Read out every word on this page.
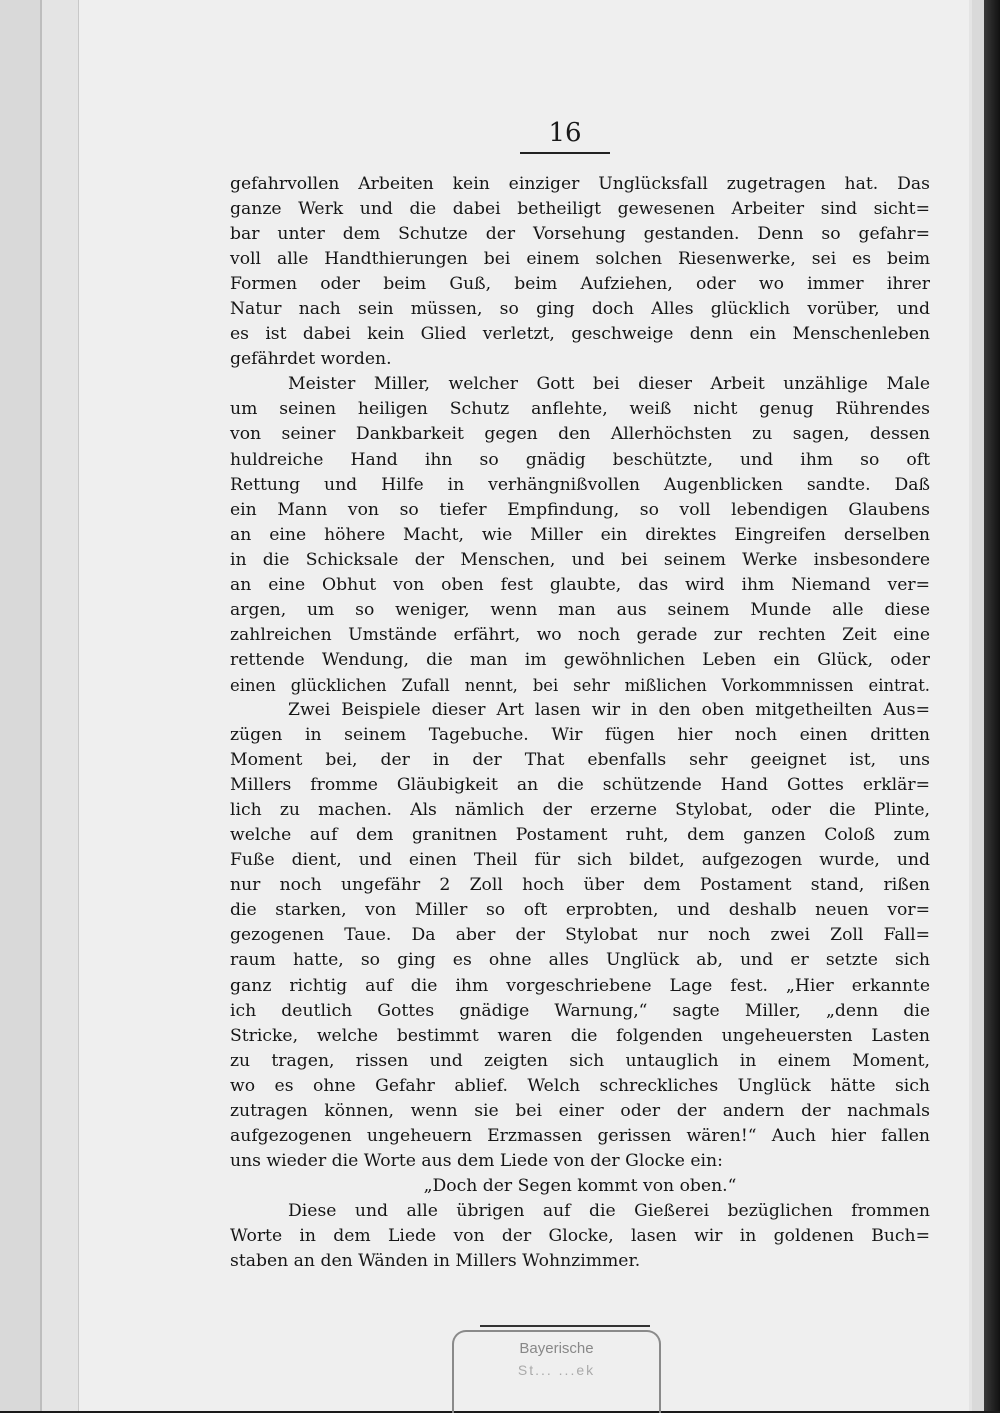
16
gefahrvollen Arbeiten kein einziger Unglücksfall zugetragen hat. Das
ganze Werk und die dabei betheiligt gewesenen Arbeiter sind sicht=
bar unter dem Schutze der Vorsehung gestanden. Denn so gefahr=
voll alle Handthierungen bei einem solchen Riesenwerke, sei es beim
Formen oder beim Guß, beim Aufziehen, oder wo immer ihrer
Natur nach sein müssen, so ging doch Alles glücklich vorüber, und
es ist dabei kein Glied verletzt, geschweige denn ein Menschenleben
gefährdet worden.
Meister Miller, welcher Gott bei dieser Arbeit unzählige Male
um seinen heiligen Schutz anflehte, weiß nicht genug Rührendes
von seiner Dankbarkeit gegen den Allerhöchsten zu sagen, dessen
huldreiche Hand ihn so gnädig beschützte, und ihm so oft
Rettung und Hilfe in verhängnißvollen Augenblicken sandte. Daß
ein Mann von so tiefer Empfindung, so voll lebendigen Glaubens
an eine höhere Macht, wie Miller ein direktes Eingreifen derselben
in die Schicksale der Menschen, und bei seinem Werke insbesondere
an eine Obhut von oben fest glaubte, das wird ihm Niemand ver=
argen, um so weniger, wenn man aus seinem Munde alle diese
zahlreichen Umstände erfährt, wo noch gerade zur rechten Zeit eine
rettende Wendung, die man im gewöhnlichen Leben ein Glück, oder
einen glücklichen Zufall nennt, bei sehr mißlichen Vorkommnissen eintrat.
Zwei Beispiele dieser Art lasen wir in den oben mitgetheilten Aus=
zügen in seinem Tagebuche. Wir fügen hier noch einen dritten
Moment bei, der in der That ebenfalls sehr geeignet ist, uns
Millers fromme Gläubigkeit an die schützende Hand Gottes erklär=
lich zu machen. Als nämlich der erzerne Stylobat, oder die Plinte,
welche auf dem granitnen Postament ruht, dem ganzen Coloß zum
Fuße dient, und einen Theil für sich bildet, aufgezogen wurde, und
nur noch ungefähr 2 Zoll hoch über dem Postament stand, rißen
die starken, von Miller so oft erprobten, und deshalb neuen vor=
gezogenen Taue. Da aber der Stylobat nur noch zwei Zoll Fall=
raum hatte, so ging es ohne alles Unglück ab, und er setzte sich
ganz richtig auf die ihm vorgeschriebene Lage fest. „Hier erkannte
ich deutlich Gottes gnädige Warnung,“ sagte Miller, „denn die
Stricke, welche bestimmt waren die folgenden ungeheuersten Lasten
zu tragen, rissen und zeigten sich untauglich in einem Moment,
wo es ohne Gefahr ablief. Welch schreckliches Unglück hätte sich
zutragen können, wenn sie bei einer oder der andern der nachmals
aufgezogenen ungeheuern Erzmassen gerissen wären!“ Auch hier fallen
uns wieder die Worte aus dem Liede von der Glocke ein:
„Doch der Segen kommt von oben.“
Diese und alle übrigen auf die Gießerei bezüglichen frommen
Worte in dem Liede von der Glocke, lasen wir in goldenen Buch=
staben an den Wänden in Millers Wohnzimmer.
Bayerische
St... ...ek
